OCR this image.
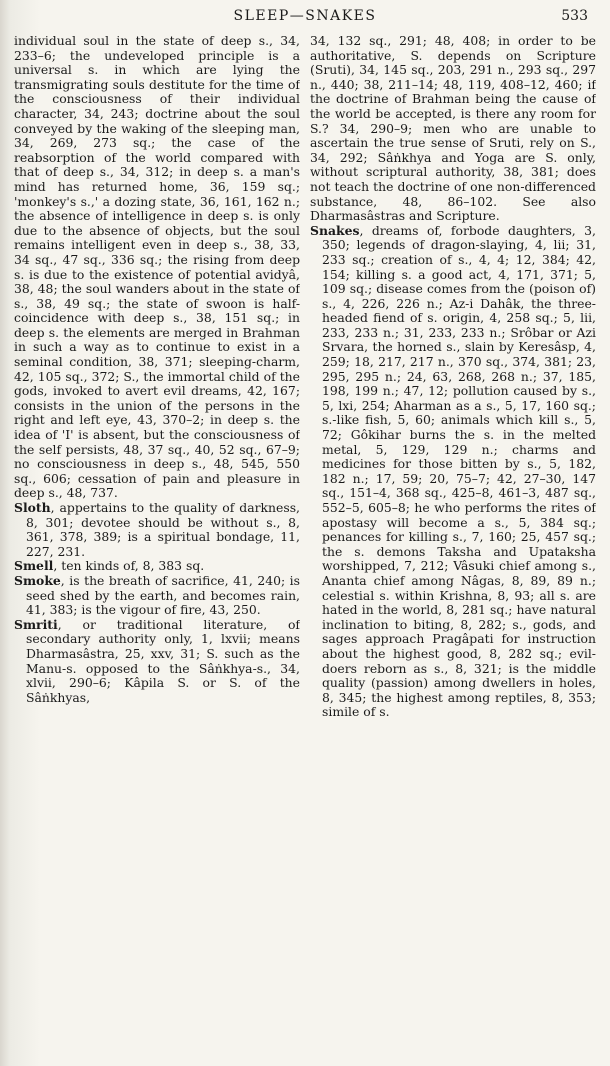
SLEEP—SNAKES	533

individual soul in the state of deep s., 34, 233–6; the undeveloped principle is a universal s. in which are lying the transmigrating souls destitute for the time of the consciousness of their individual character, 34, 243; doctrine about the soul conveyed by the waking of the sleeping man, 34, 269, 273 sq.; the case of the reabsorption of the world compared with that of deep s., 34, 312; in deep s. a man's mind has returned home, 36, 159 sq.; 'monkey's s.,' a dozing state, 36, 161, 162 n.; the absence of intelligence in deep s. is only due to the absence of objects, but the soul remains intelligent even in deep s., 38, 33, 34 sq., 47 sq., 336 sq.; the rising from deep s. is due to the existence of potential avidyâ, 38, 48; the soul wanders about in the state of s., 38, 49 sq.; the state of swoon is half-coincidence with deep s., 38, 151 sq.; in deep s. the elements are merged in Brahman in such a way as to continue to exist in a seminal condition, 38, 371; sleeping-charm, 42, 105 sq., 372; S., the immortal child of the gods, invoked to avert evil dreams, 42, 167; consists in the union of the persons in the right and left eye, 43, 370–2; in deep s. the idea of 'I' is absent, but the consciousness of the self persists, 48, 37 sq., 40, 52 sq., 67–9; no consciousness in deep s., 48, 545, 550 sq., 606; cessation of pain and pleasure in deep s., 48, 737.

Sloth, appertains to the quality of darkness, 8, 301; devotee should be without s., 8, 361, 378, 389; is a spiritual bondage, 11, 227, 231.

Smell, ten kinds of, 8, 383 sq.

Smoke, is the breath of sacrifice, 41, 240; is seed shed by the earth, and becomes rain, 41, 383; is the vigour of fire, 43, 250.

Smriti, or traditional literature, of secondary authority only, 1, lxvii; means Dharmasâstra, 25, xxv, 31; S. such as the Manu-s. opposed to the Sâṅkhya-s., 34, xlvii, 290–6; Kâpila S. or S. of the Sâṅkhyas,

34, 132 sq., 291; 48, 408; in order to be authoritative, S. depends on Scripture (Sruti), 34, 145 sq., 203, 291 n., 293 sq., 297 n., 440; 38, 211–14; 48, 119, 408–12, 460; if the doctrine of Brahman being the cause of the world be accepted, is there any room for S.? 34, 290–9; men who are unable to ascertain the true sense of Sruti, rely on S., 34, 292; Sâṅkhya and Yoga are S. only, without scriptural authority, 38, 381; does not teach the doctrine of one non-differenced substance, 48, 86–102. See also Dharmasâstras and Scripture.

Snakes, dreams of, forbode daughters, 3, 350; legends of dragon-slaying, 4, lii; 31, 233 sq.; creation of s., 4, 4; 12, 384; 42, 154; killing s. a good act, 4, 171, 371; 5, 109 sq.; disease comes from the (poison of) s., 4, 226, 226 n.; Az-i Dahâk, the three-headed fiend of s. origin, 4, 258 sq.; 5, lii, 233, 233 n.; 31, 233, 233 n.; Srôbar or Azi Srvara, the horned s., slain by Keresâsp, 4, 259; 18, 217, 217 n., 370 sq., 374, 381; 23, 295, 295 n.; 24, 63, 268, 268 n.; 37, 185, 198, 199 n.; 47, 12; pollution caused by s., 5, lxi, 254; Aharman as a s., 5, 17, 160 sq.; s.-like fish, 5, 60; animals which kill s., 5, 72; Gôkihar burns the s. in the melted metal, 5, 129, 129 n.; charms and medicines for those bitten by s., 5, 182, 182 n.; 17, 59; 20, 75–7; 42, 27–30, 147 sq., 151–4, 368 sq., 425–8, 461–3, 487 sq., 552–5, 605–8; he who performs the rites of apostasy will become a s., 5, 384 sq.; penances for killing s., 7, 160; 25, 457 sq.; the s. demons Taksha and Upataksha worshipped, 7, 212; Vâsuki chief among s., Ananta chief among Nâgas, 8, 89, 89 n.; celestial s. within Krishna, 8, 93; all s. are hated in the world, 8, 281 sq.; have natural inclination to biting, 8, 282; s., gods, and sages approach Pragâpati for instruction about the highest good, 8, 282 sq.; evil-doers reborn as s., 8, 321; is the middle quality (passion) among dwellers in holes, 8, 345; the highest among reptiles, 8, 353; simile of s.
